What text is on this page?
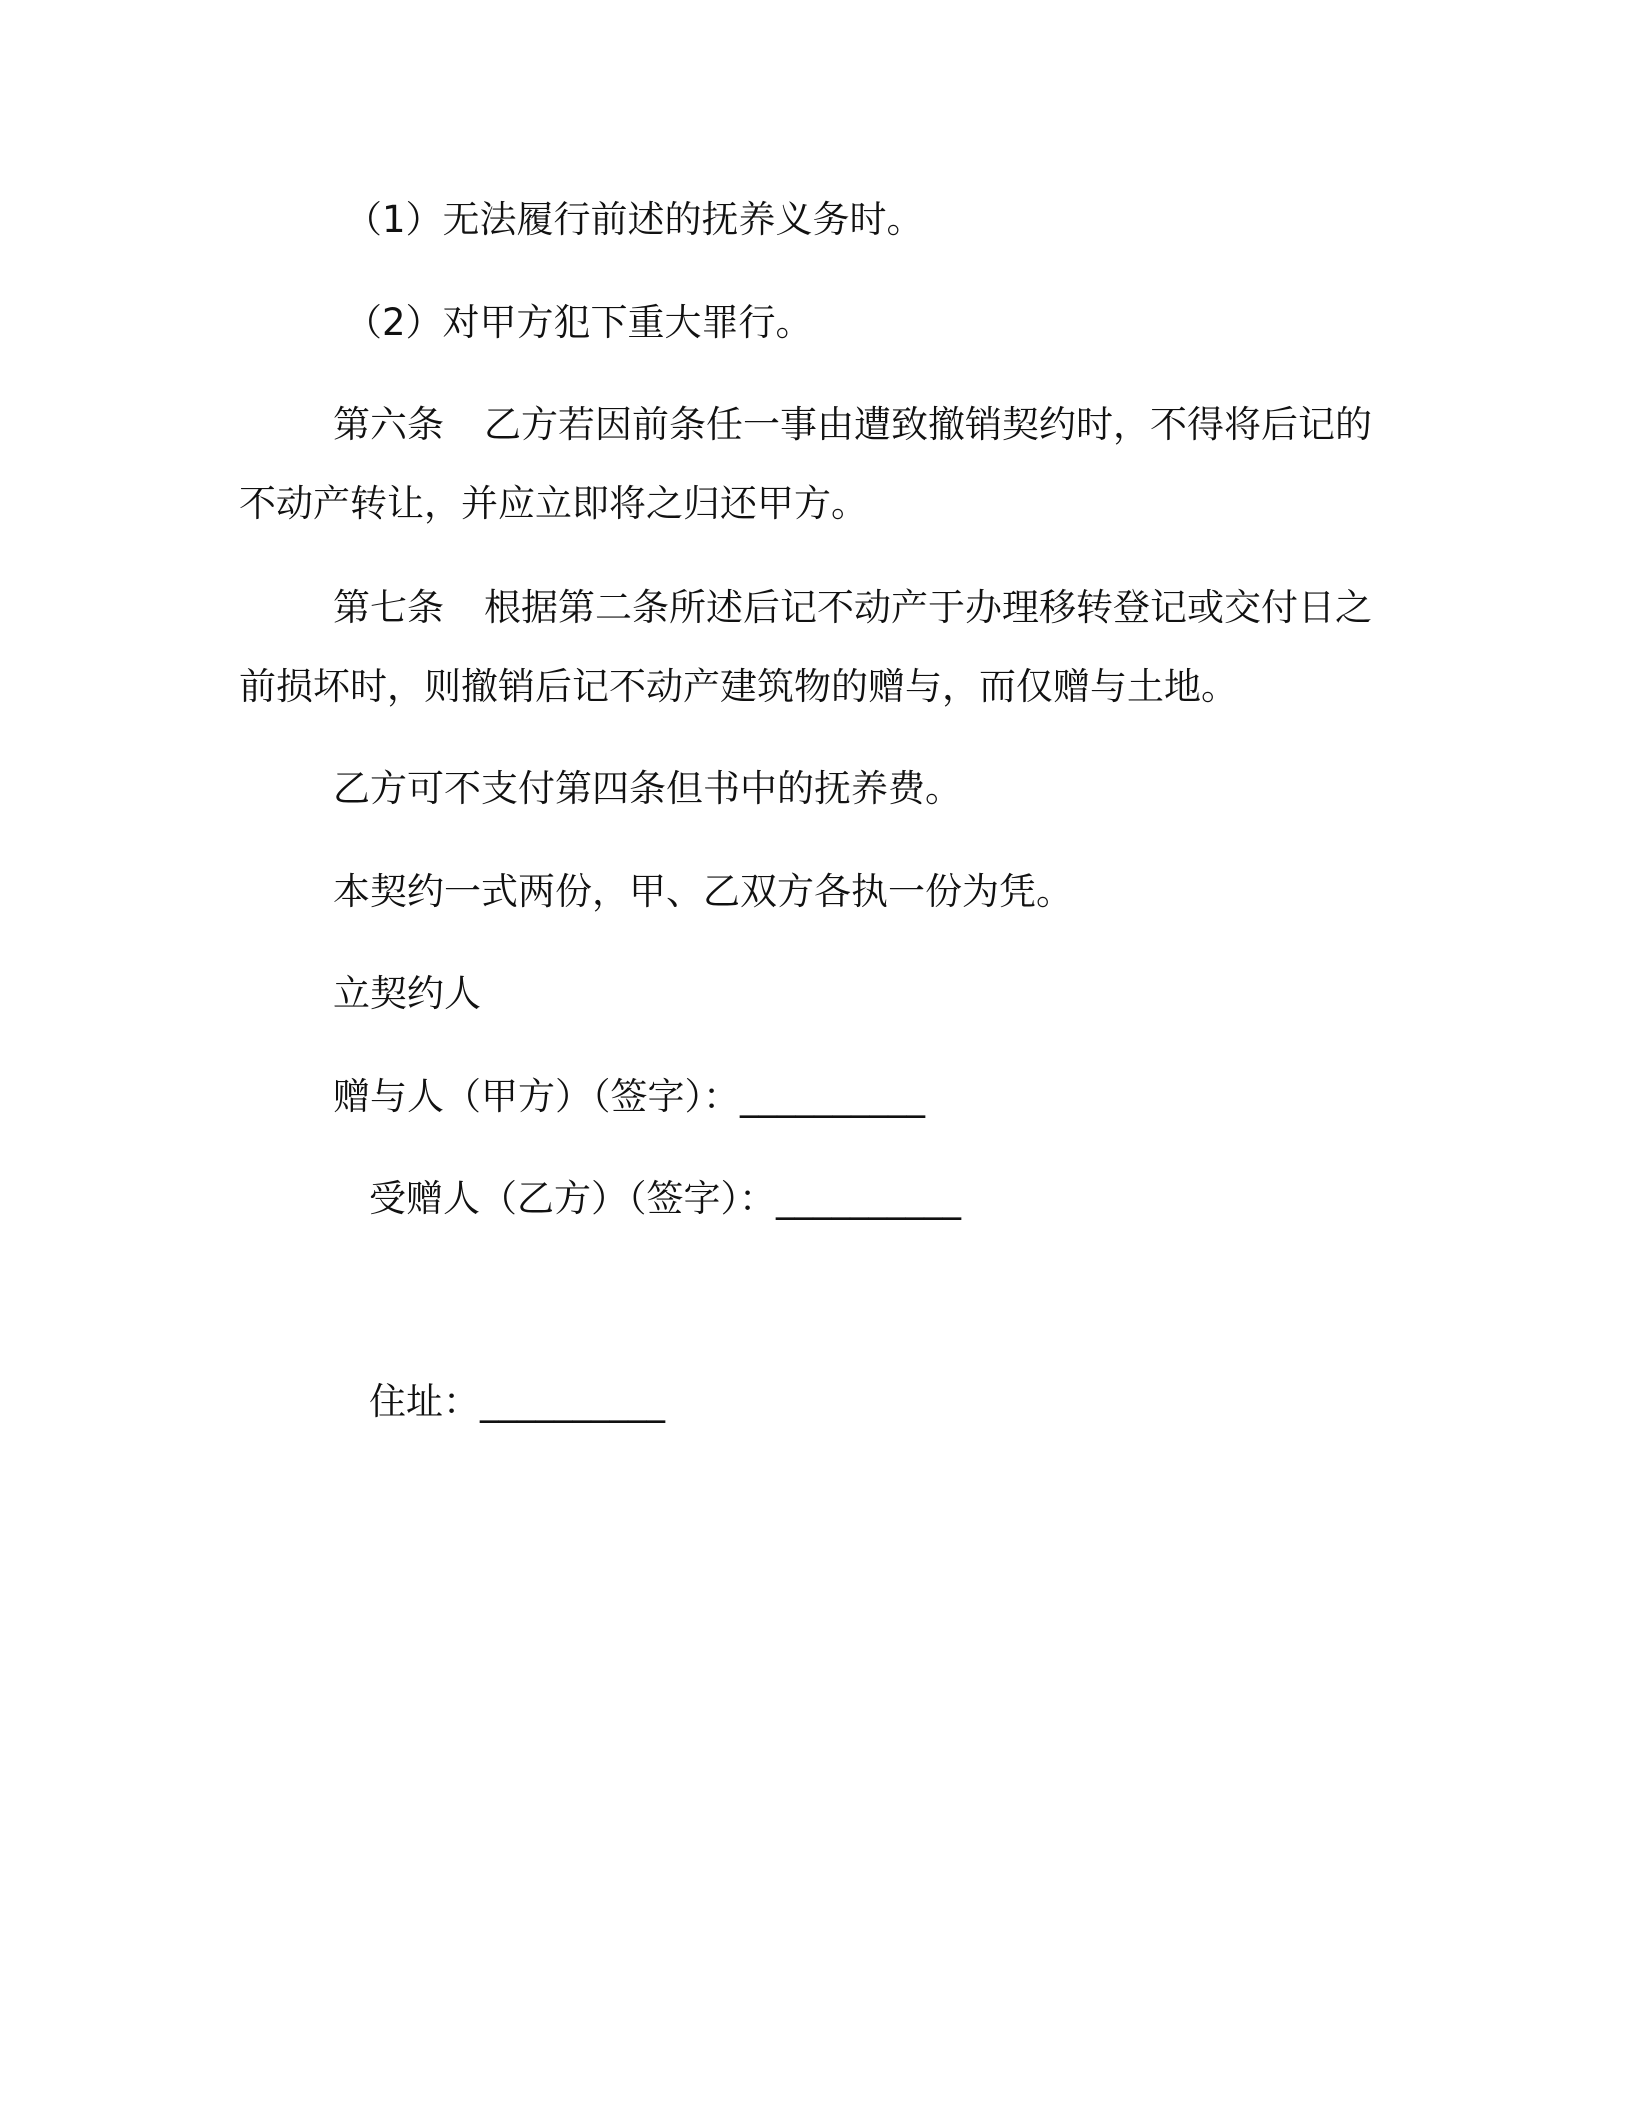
（1）无法履行前述的抚养义务时。
（2）对甲方犯下重大罪行。
第六条 乙方若因前条任一事由遭致撤销契约时，不得将后记的
不动产转让，并应立即将之归还甲方。
第七条 根据第二条所述后记不动产于办理移转登记或交付日之
前损坏时，则撤销后记不动产建筑物的赠与，而仅赠与土地。
乙方可不支付第四条但书中的抚养费。
本契约一式两份，甲、乙双方各执一份为凭。
立契约人
赠与人（甲方）（签字）：__________
受赠人（乙方）（签字）：__________
住址：__________
